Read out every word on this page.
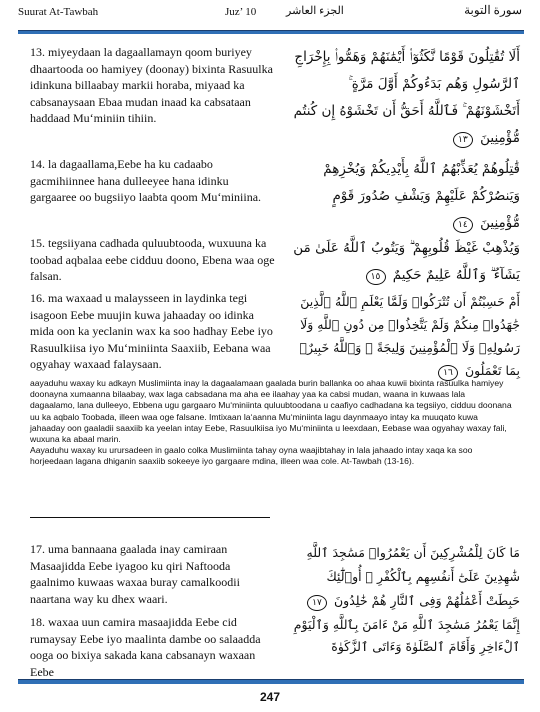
Suurat At-Tawbah	Juz’ 10	الجزء العاشر	سورة التوبة
13. miyeydaan la dagaallamayn qoom buriyey dhaartooda oo hamiyey (doonay) bixinta Rasuulka idinkuna billaabay markii horaba, miyaad ka cabsanaysaan Ebaa mudan inaad ka cabsataan haddaad Mu‘miniin tihiin.
أَلَا تُقَٰتِلُونَ قَوْمًا نَّكَثُوٓا۟ أَيْمَٰنَهُمْ وَهَمُّوا۟ بِإِخْرَاجِ ٱلرَّسُولِ وَهُم بَدَءُوكُمْ أَوَّلَ مَرَّةٍ ۚ أَتَخْشَوْنَهُمْ ۚ فَٱللَّهُ أَحَقُّ أَن تَخْشَوْهُ إِن كُنتُم مُّؤْمِنِينَ ١٣
14. la dagaallama,Eebe ha ku cadaabo gacmihiinnee hana dulleeyee hana idinku gargaaree oo bugsiiyo laabta qoom Mu‘miniina.
قَٰتِلُوهُمْ يُعَذِّبْهُمُ ٱللَّهُ بِأَيْدِيكُمْ وَيُخْزِهِمْ وَيَنصُرْكُمْ عَلَيْهِمْ وَيَشْفِ صُدُورَ قَوْمٍ مُّؤْمِنِينَ ١٤
15. tegsiiyana cadhada quluubtooda, wuxuuna ka toobad aqbalaa eebe cidduu doono, Ebena waa oge falsan.
وَيُذْهِبْ غَيْظَ قُلُوبِهِمْ ۗ وَيَتُوبُ ٱللَّهُ عَلَىٰ مَن يَشَآءُ ۗ وَٱللَّهُ عَلِيمٌ حَكِيمٌ ١٥
16. ma waxaad u malaysseen in laydinka tegi isagoon Eebe muujin kuwa jahaaday oo idinka mida oon ka yeclanin wax ka soo hadhay Eebe iyo Rasuulkiisa iyo Mu‘miniinta Saaxiib, Eebana waa ogyahay waxaad falaysaan.
أَمْ حَسِبْتُمْ أَن تُتْرَكُوا۟ وَلَمَّا يَعْلَمِ ٱللَّهُ ٱلَّذِينَ جَٰهَدُوا۟ مِنكُمْ وَلَمْ يَتَّخِذُوا۟ مِن دُونِ ٱللَّهِ وَلَا رَسُولِهِۦ وَلَا ٱلْمُؤْمِنِينَ وَلِيجَةً ۚ وَٱللَّهُ خَبِيرٌۢ بِمَا تَعْمَلُونَ ١٦

aayaduhu waxay ku adkayn Muslimiinta inay la dagaalamaan gaalada burin ballanka oo ahaa kuwii bixinta rasuulka hamiyey doonayna xumaanna bilaabay, wax laga cabsadana ma aha ee ilaahay yaa ka cabsi mudan, waana in kuwaas lala dagaalamo, lana dulleeyo, Ebbena ugu gargaaro Mu‘miniinta quluubtoodana u caafiyo cadhadana ka tegsiiyo, cidduu doonana uu ka aqbalo Toobada, illeen waa oge falsane. Imtixaan la‘aanna Mu‘miniinta lagu daynmaayo intay ka muuqato kuwa jahaaday oon gaaladii saaxiib ka yeelan intay Eebe, Rasuulkiisa iyo Mu‘miniinta u leexdaan, Eebase waa ogyahay waxay fali, wuxuna ka abaal marin.

Aayaduhu waxay ku urursadeen in gaalo colka Muslimiinta tahay oyna waajibtahay in lala jahaado intay xaqa ka soo horjeedaan lagana dhiganin saaxiib sokeeye iyo gargaare mdina, illeen waa cole. At-Tawbah (13-16).

17. uma bannaana gaalada inay camiraan Masaajidda Eebe iyagoo ku qiri Naftooda gaalnimo kuwaas waxaa buray camalkoodii naartana way ku dhex waari.
مَا كَانَ لِلْمُشْرِكِينَ أَن يَعْمُرُوا۟ مَسَٰجِدَ ٱللَّهِ شَٰهِدِينَ عَلَىٰٓ أَنفُسِهِم بِٱلْكُفْرِ ۚ أُو۟لَٰٓئِكَ حَبِطَتْ أَعْمَٰلُهُمْ وَفِى ٱلنَّارِ هُمْ خَٰلِدُونَ ١٧
18. waxaa uun camira masaajidda Eebe cid rumaysay Eebe iyo maalinta dambe oo salaadda ooga oo bixiya sakada kana cabsanayn waxaan Eebe
إِنَّمَا يَعْمُرُ مَسَٰجِدَ ٱللَّهِ مَنْ ءَامَنَ بِٱللَّهِ وَٱلْيَوْمِ ٱلْءَاخِرِ وَأَقَامَ ٱلصَّلَوٰةَ وَءَاتَى ٱلزَّكَوٰةَ
247
